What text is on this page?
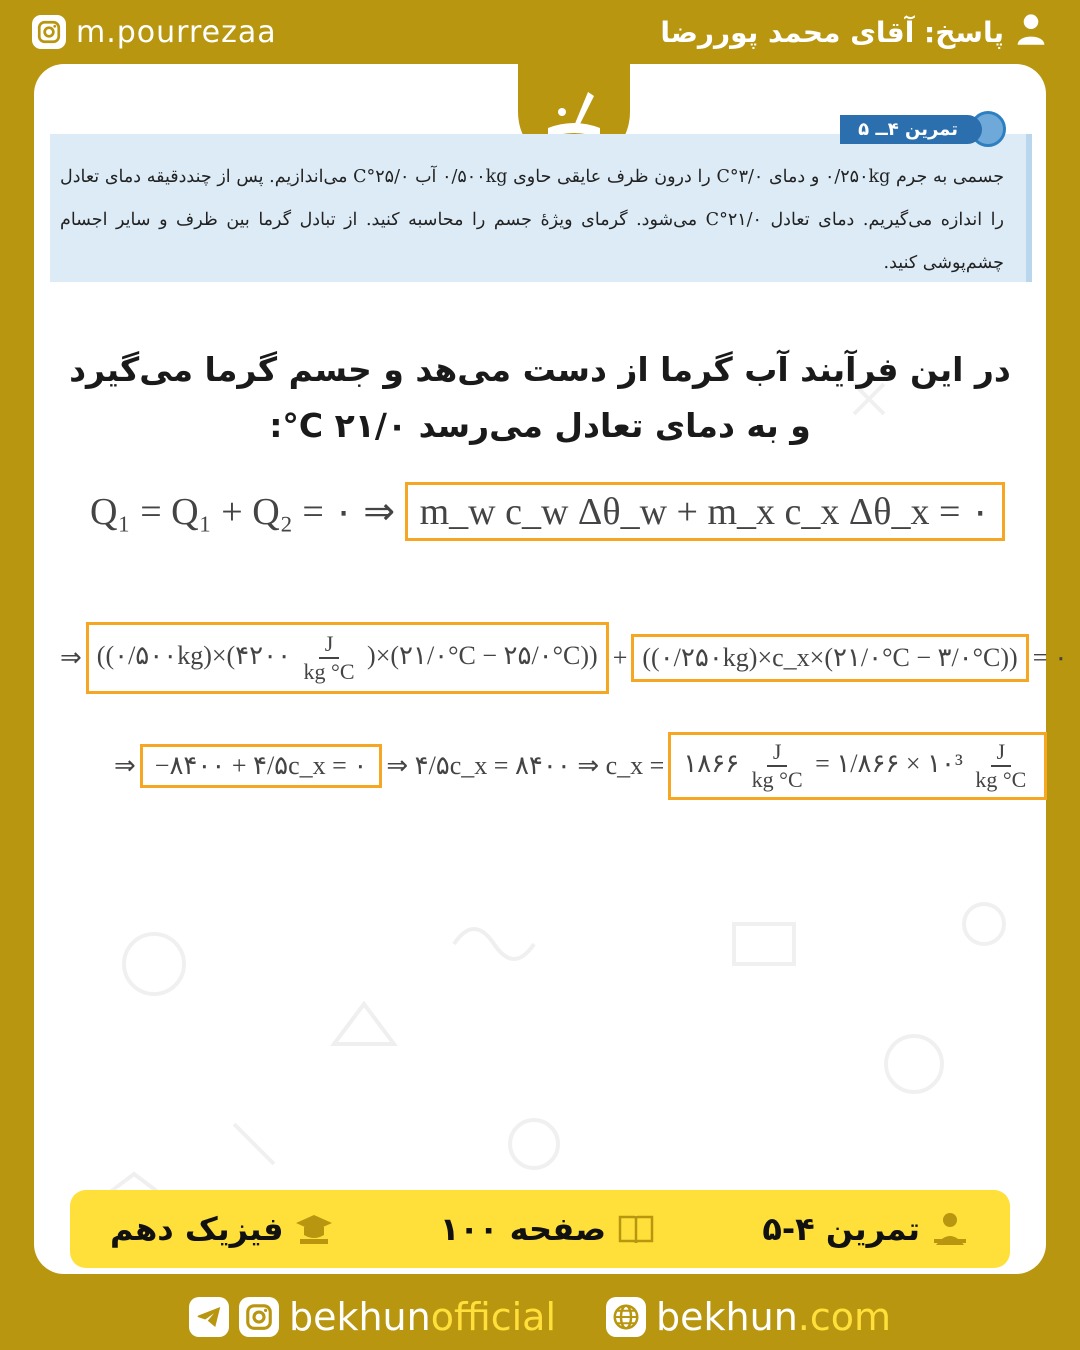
m.pourrezaa	پاسخ: آقای محمد پوررضا
تمرین ۴ــ ۵
جسمی به جرم ۰/۲۵۰kg و دمای ۳/۰°C را درون ظرف عایقی حاوی ۰/۵۰۰kg آب ۲۵/۰°C می‌اندازیم. پس از چنددقیقه دمای تعادل را اندازه می‌گیریم. دمای تعادل ۲۱/۰°C می‌شود. گرمای ویژهٔ جسم را محاسبه کنید. از تبادل گرما بین ظرف و سایر اجسام چشم‌پوشی کنید.
در این فرآیند آب گرما از دست می‌هد و جسم گرما می‌گیرد و به دمای تعادل می‌رسد ۲۱/۰ C°:
Q₁ = Q₁ + Q₂ = ۰ ⇒ m_w c_w Δθ_w + m_x c_x Δθ_x = ۰
⇒ ((۰/۵۰۰kg)×(۴۲۰۰ $\frac{J}{kg ^\circ C}$ )×(۲۱/۰°C − ۲۵/۰°C)) + ((۰/۲۵۰kg)×c_x×(۲۱/۰°C − ۳/۰°C)) = ۰
⇒ −۸۴۰۰ + ۴/۵c_x = ۰ ⇒ ۴/۵c_x = ۸۴۰۰ ⇒ c_x = ۱۸۶۶ $\frac{J}{kg ^\circ C}$ = ۱/۸۶۶ × ۱۰³ $\frac{J}{kg ^\circ C}$
تمرین ۴-۵
صفحه ۱۰۰
فیزیک دهم
bekhunofficial	bekhun.com
